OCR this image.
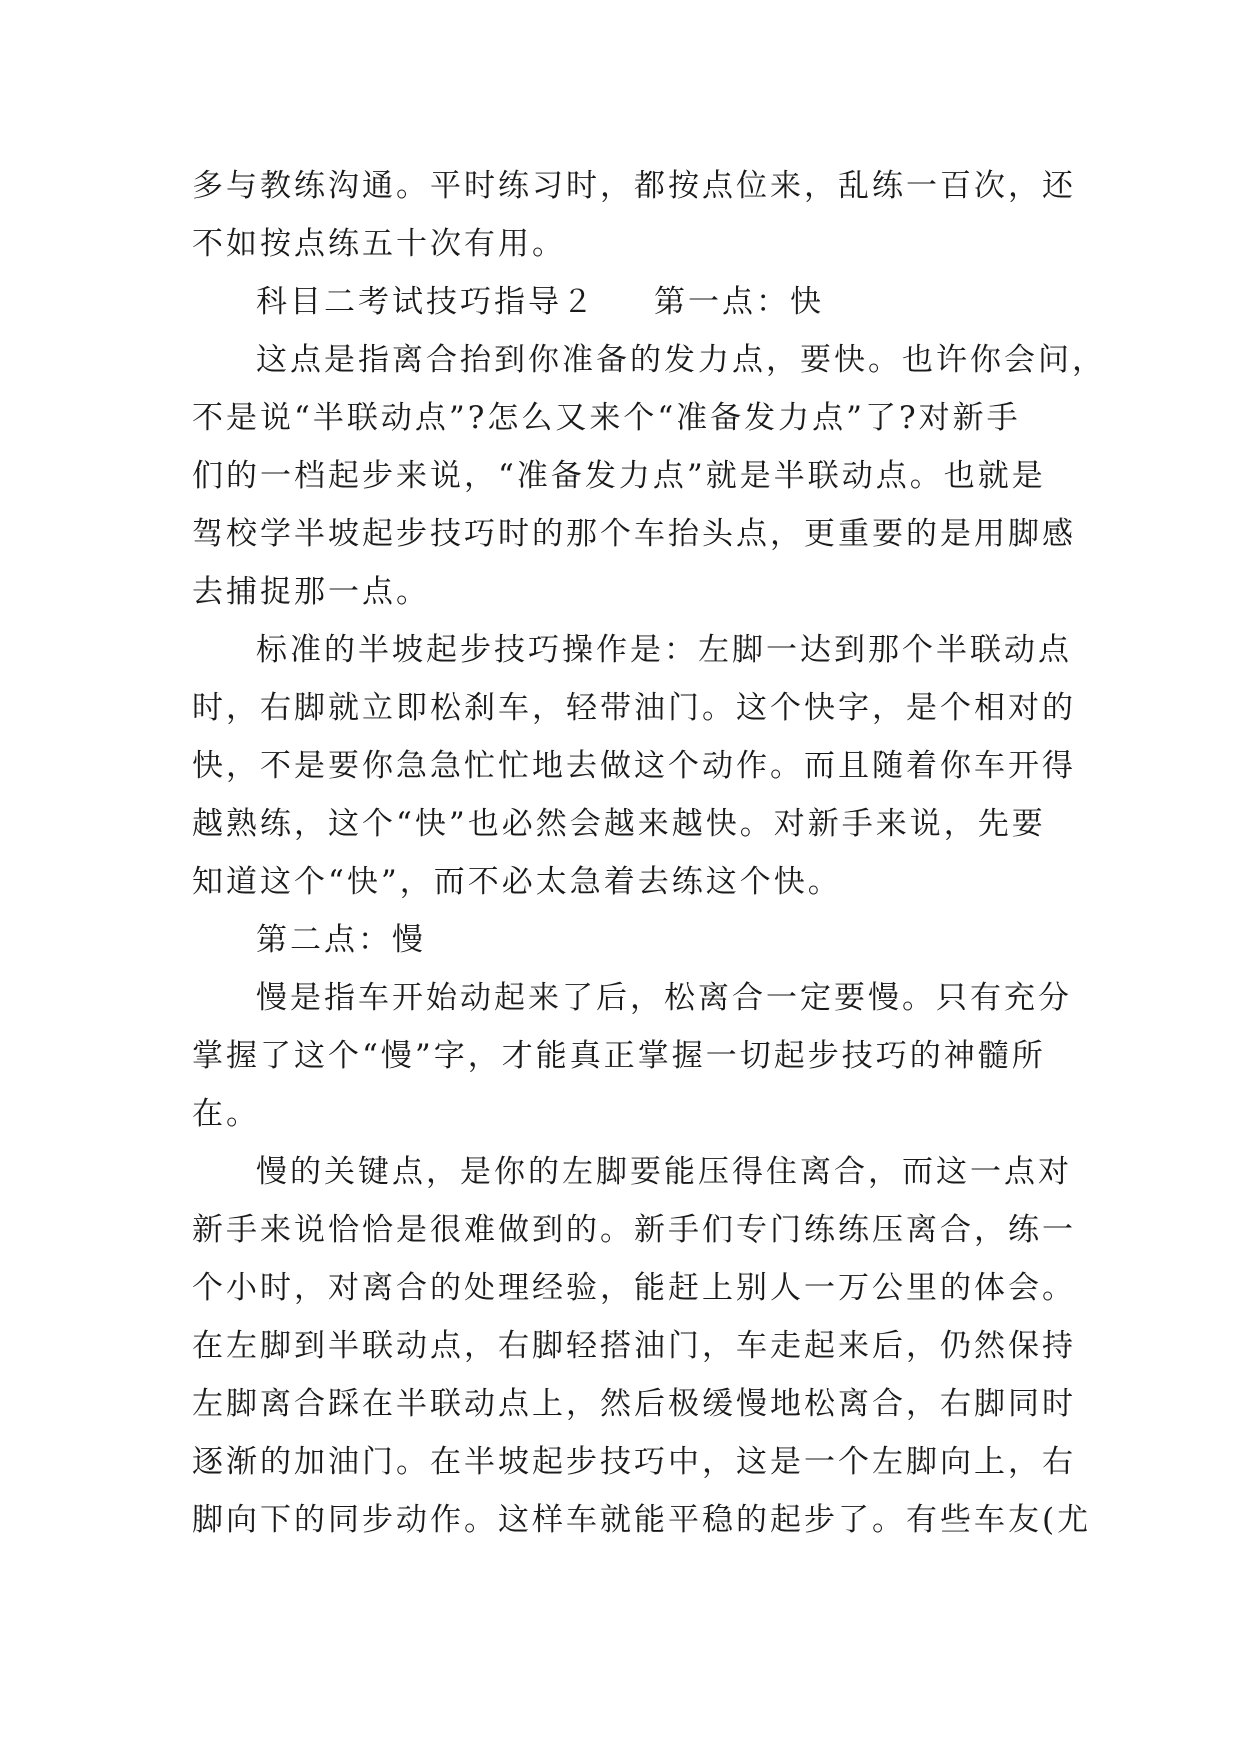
多与教练沟通。平时练习时，都按点位来，乱练一百次，还
不如按点练五十次有用。
科目二考试技巧指导２ 第一点：快
这点是指离合抬到你准备的发力点，要快。也许你会问，
不是说“半联动点”?怎么又来个“准备发力点”了?对新手
们的一档起步来说，“准备发力点”就是半联动点。也就是
驾校学半坡起步技巧时的那个车抬头点，更重要的是用脚感
去捕捉那一点。
标准的半坡起步技巧操作是：左脚一达到那个半联动点
时，右脚就立即松刹车，轻带油门。这个快字，是个相对的
快，不是要你急急忙忙地去做这个动作。而且随着你车开得
越熟练，这个“快”也必然会越来越快。对新手来说，先要
知道这个“快”，而不必太急着去练这个快。
第二点：慢
慢是指车开始动起来了后，松离合一定要慢。只有充分
掌握了这个“慢”字，才能真正掌握一切起步技巧的神髓所
在。
慢的关键点，是你的左脚要能压得住离合，而这一点对
新手来说恰恰是很难做到的。新手们专门练练压离合，练一
个小时，对离合的处理经验，能赶上别人一万公里的体会。
在左脚到半联动点，右脚轻搭油门，车走起来后，仍然保持
左脚离合踩在半联动点上，然后极缓慢地松离合，右脚同时
逐渐的加油门。在半坡起步技巧中，这是一个左脚向上，右
脚向下的同步动作。这样车就能平稳的起步了。有些车友(尤
